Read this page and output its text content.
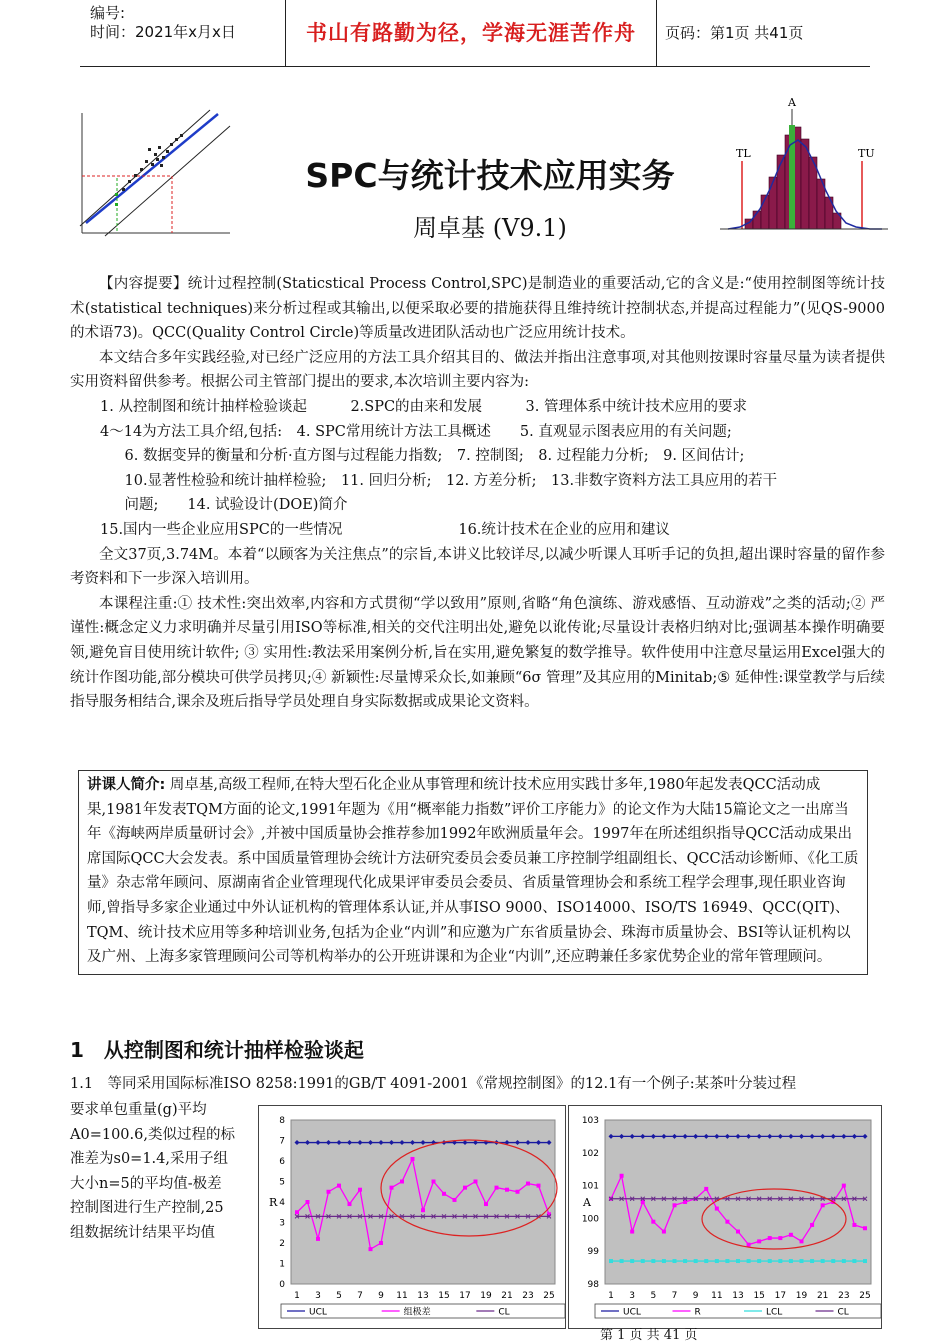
编号:
时间：2021年x月x日	书山有路勤为径，学海无涯苦作舟	页码：第1页 共41页
A
TL	TU
SPC与统计技术应用实务
周卓基 (V9.1)

【内容提要】统计过程控制(Staticstical Process Control,SPC)是制造业的重要活动,它的含义是:“使用控制图等统计技术(statistical techniques)来分析过程或其输出,以便采取必要的措施获得且维持统计控制状态,并提高过程能力”(见QS-9000的术语73)。QCC(Quality Control Circle)等质量改进团队活动也广泛应用统计技术。

本文结合多年实践经验,对已经广泛应用的方法工具介绍其目的、做法并指出注意事项,对其他则按课时容量尽量为读者提供实用资料留供参考。根据公司主管部门提出的要求,本次培训主要内容为:

1. 从控制图和统计抽样检验谈起　　　2.SPC的由来和发展　　　3. 管理体系中统计技术应用的要求
4～14为方法工具介绍,包括:　4. SPC常用统计方法工具概述　　5. 直观显示图表应用的有关问题;
　6. 数据变异的衡量和分析·直方图与过程能力指数;　7. 控制图;　8. 过程能力分析;　9. 区间估计;
　10.显著性检验和统计抽样检验;　11. 回归分析;　12. 方差分析;　13.非数字资料方法工具应用的若干
　问题;　　14. 试验设计(DOE)简介
15.国内一些企业应用SPC的一些情况　　　　　　　　16.统计技术在企业的应用和建议

全文37页,3.74M。本着“以顾客为关注焦点”的宗旨,本讲义比较详尽,以减少听课人耳听手记的负担,超出课时容量的留作参考资料和下一步深入培训用。

本课程注重:① 技术性:突出效率,内容和方式贯彻“学以致用”原则,省略“角色演练、游戏感悟、互动游戏”之类的活动;② 严谨性:概念定义力求明确并尽量引用ISO等标准,相关的交代注明出处,避免以讹传讹;尽量设计表格归纳对比;强调基本操作明确要领,避免盲目使用统计软件; ③ 实用性:教法采用案例分析,旨在实用,避免繁复的数学推导。软件使用中注意尽量运用Excel强大的统计作图功能,部分模块可供学员拷贝;④ 新颖性:尽量博采众长,如兼顾“6σ 管理”及其应用的Minitab;⑤ 延伸性:课堂教学与后续指导服务相结合,课余及班后指导学员处理自身实际数据或成果论文资料。

讲课人简介: 周卓基,高级工程师,在特大型石化企业从事管理和统计技术应用实践廿多年,1980年起发表QCC活动成果,1981年发表TQM方面的论文,1991年题为《用“概率能力指数”评价工序能力》的论文作为大陆15篇论文之一出席当年《海峡两岸质量研讨会》,并被中国质量协会推荐参加1992年欧洲质量年会。1997年在所述组织指导QCC活动成果出席国际QCC大会发表。系中国质量管理协会统计方法研究委员会委员兼工序控制学组副组长、QCC活动诊断师、《化工质量》杂志常年顾问、原湖南省企业管理现代化成果评审委员会委员、省质量管理协会和系统工程学会理事,现任职业咨询师,曾指导多家企业通过中外认证机构的管理体系认证,并从事ISO 9000、ISO14000、ISO/TS 16949、QCC(QIT)、TQM、统计技术应用等多种培训业务,包括为企业“内训”和应邀为广东省质量协会、珠海市质量协会、BSI等认证机构以及广州、上海多家管理顾问公司等机构举办的公开班讲课和为企业“内训”,还应聘兼任多家优势企业的常年管理顾问。
1　从控制图和统计抽样检验谈起
1.1　等同采用国际标准ISO 8258:1991的GB/T 4091-2001《常规控制图》的12.1有一个例子:某茶叶分装过程
要求单包重量(g)平均
A0=100.6,类似过程的标
准差为s0=1.4,采用子组
大小n=5的平均值-极差
控制图进行生产控制,25
组数据统计结果平均值
0
1
2
3
4
5
6
7
8
1 3 5 7 9 11 13 15 17 19 21 23 25
R
UCL	组极差	CL
98
99
100
101
102
103
1 3 5 7 9 11 13 15 17 19 21 23 25
A
UCL	R	LCL	CL
第 1 页 共 41 页
